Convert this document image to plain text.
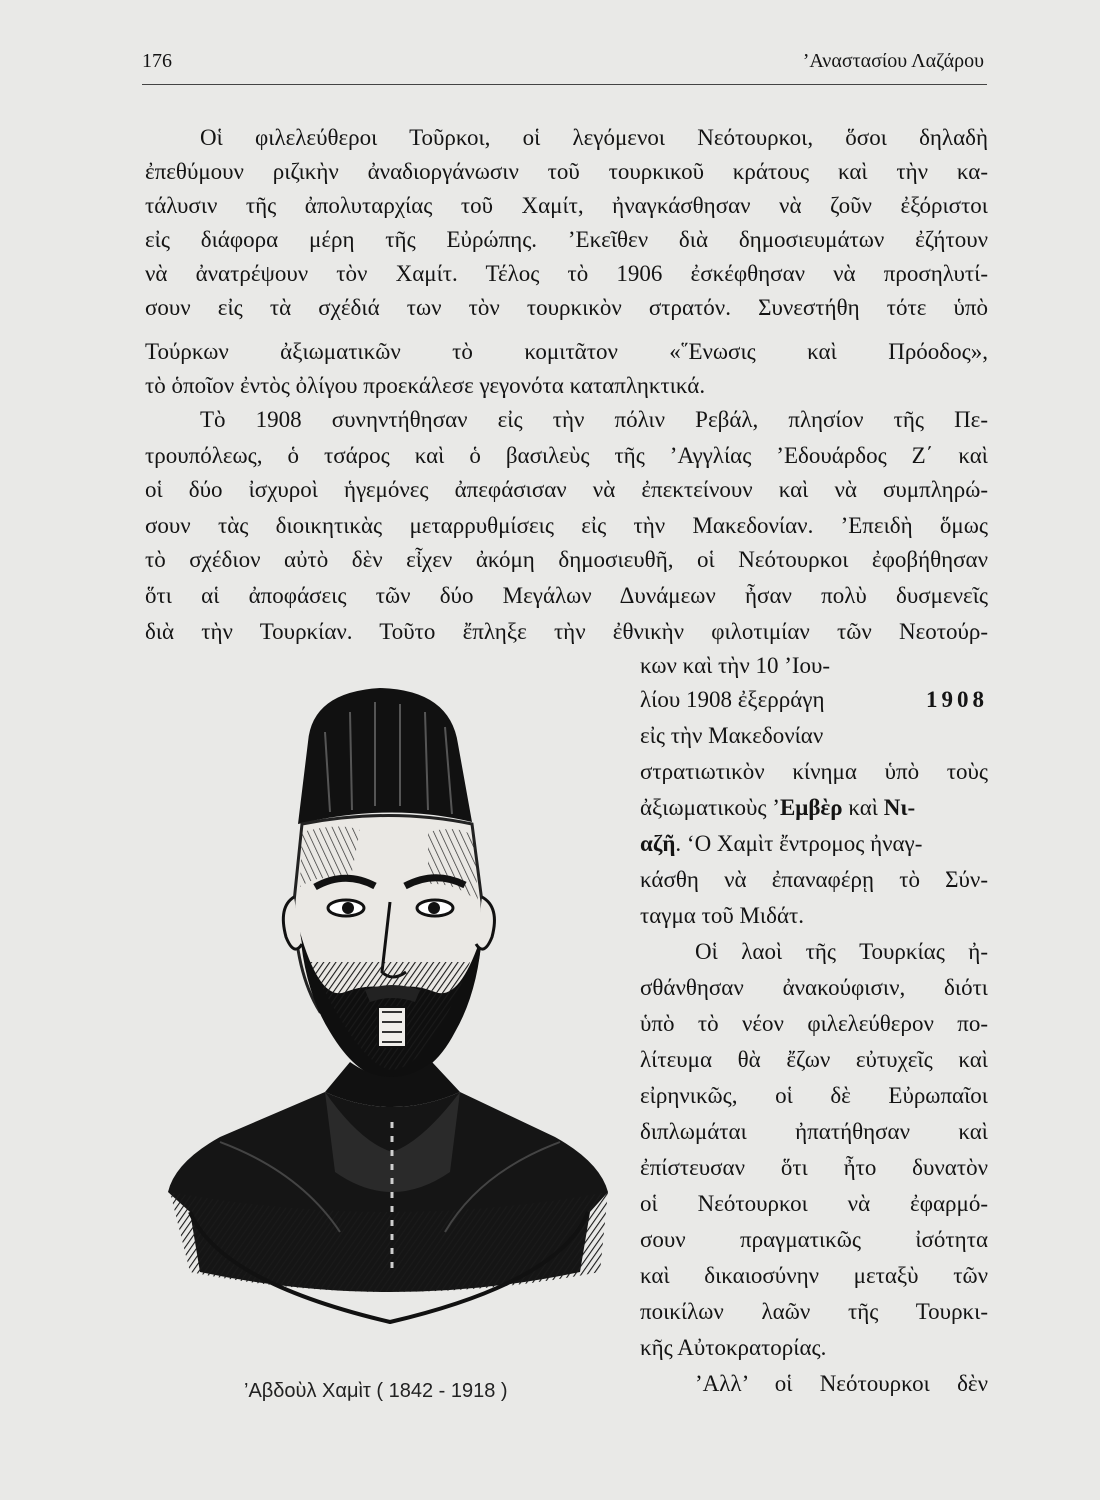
176	’Αναστασίου Λαζάρου
Οἱ φιλελεύθεροι Τοῦρκοι, οἱ λεγόμενοι Νεότουρκοι, ὅσοι δηλαδὴ
ἐπεθύμουν ριζικὴν ἀναδιοργάνωσιν τοῦ τουρκικοῦ κράτους καὶ τὴν κα-
τάλυσιν τῆς ἀπολυταρχίας τοῦ Χαμίτ, ἠναγκάσθησαν νὰ ζοῦν ἐξόριστοι
εἰς διάφορα μέρη τῆς Εὐρώπης. ’Εκεῖθεν διὰ δημοσιευμάτων ἐζήτουν
νὰ ἀνατρέψουν τὸν Χαμίτ. Τέλος τὸ 1906 ἐσκέφθησαν νὰ προσηλυτί-
σουν εἰς τὰ σχέδιά των τὸν τουρκικὸν στρατόν. Συνεστήθη τότε ὑπὸ
Τούρκων ἀξιωματικῶν τὸ κομιτᾶτον «῞Ενωσις καὶ Πρόοδος»,
τὸ ὁποῖον ἐντὸς ὀλίγου προεκάλεσε γεγονότα καταπληκτικά.
Τὸ 1908 συνηντήθησαν εἰς τὴν πόλιν Ρεβάλ, πλησίον τῆς Πε-
τρουπόλεως, ὁ τσάρος καὶ ὁ βασιλεὺς τῆς ’Αγγλίας ’Εδουάρδος Ζ΄ καὶ
οἱ δύο ἰσχυροὶ ἡγεμόνες ἀπεφάσισαν νὰ ἐπεκτείνουν καὶ νὰ συμπληρώ-
σουν τὰς διοικητικὰς μεταρρυθμίσεις εἰς τὴν Μακεδονίαν. ’Επειδὴ ὅμως
τὸ σχέδιον αὐτὸ δὲν εἶχεν ἀκόμη δημοσιευθῆ, οἱ Νεότουρκοι ἐφοβήθησαν
ὅτι αἱ ἀποφάσεις τῶν δύο Μεγάλων Δυνάμεων ἦσαν πολὺ δυσμενεῖς
διὰ τὴν Τουρκίαν. Τοῦτο ἔπληξε τὴν ἐθνικὴν φιλοτιμίαν τῶν Νεοτούρ-
κων καὶ τὴν 10 ’Ιου-
λίου 1908 ἐξερράγη	1908
εἰς τὴν Μακεδονίαν
στρατιωτικὸν κίνημα ὑπὸ τοὺς
ἀξιωματικοὺς ’Εμβὲρ καὶ Νι-
αζῆ. ‘Ο Χαμὶτ ἔντρομος ἠναγ-
κάσθη νὰ ἐπαναφέρῃ τὸ Σύν-
ταγμα τοῦ Μιδάτ.
Οἱ λαοὶ τῆς Τουρκίας ἠ-
σθάνθησαν ἀνακούφισιν, διότι
ὑπὸ τὸ νέον φιλελεύθερον πο-
λίτευμα θὰ ἔζων εὐτυχεῖς καὶ
εἰρηνικῶς, οἱ δὲ Εὐρωπαῖοι
διπλωμάται ἠπατήθησαν καὶ
ἐπίστευσαν ὅτι ἦτο δυνατὸν
οἱ Νεότουρκοι νὰ ἐφαρμό-
σουν πραγματικῶς ἰσότητα
καὶ δικαιοσύνην μεταξὺ τῶν
ποικίλων λαῶν τῆς Τουρκι-
κῆς Αὐτοκρατορίας.
’Αλλ’ οἱ Νεότουρκοι δὲν
’Αβδοὺλ Χαμὶτ ( 1842 - 1918 )
